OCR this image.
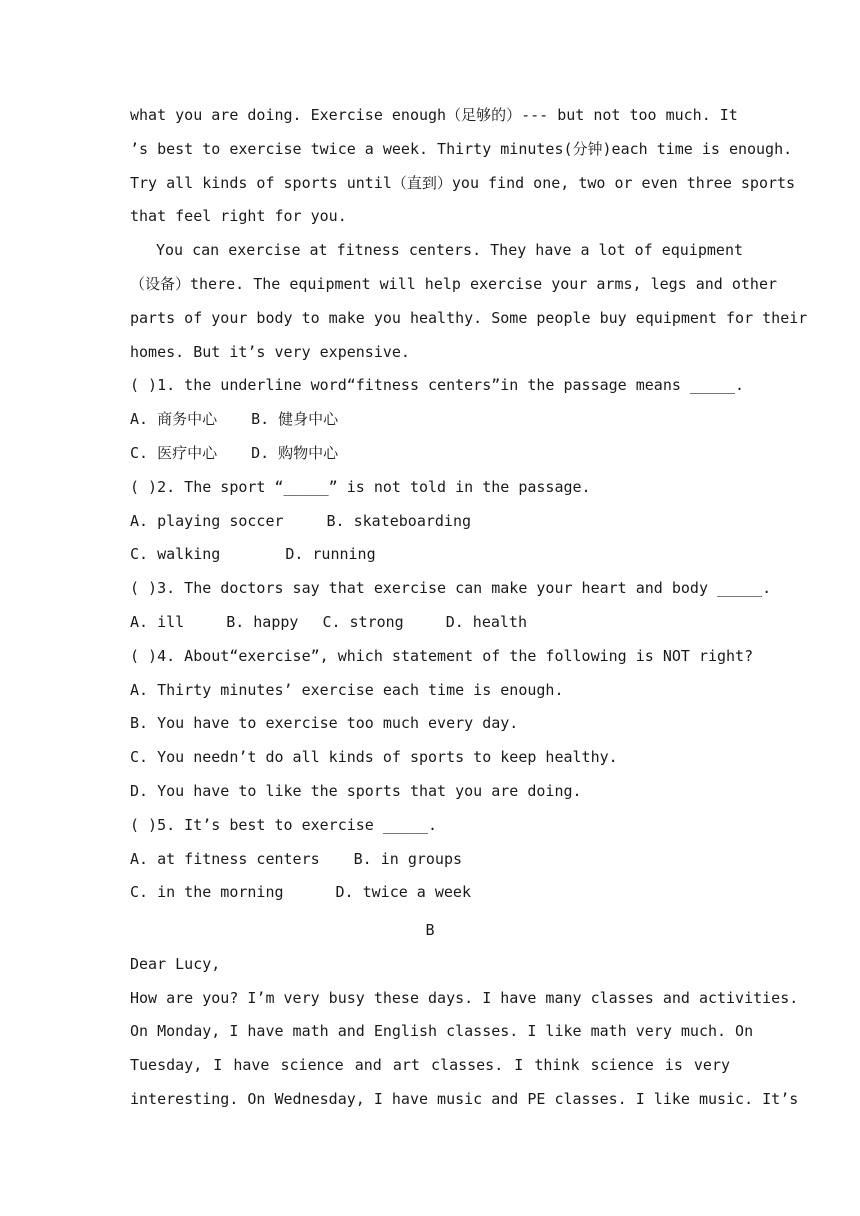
what you are doing. Exercise enough（足够的）--- but not too much. It
’s best to exercise twice a week. Thirty minutes(分钟)each time is enough.
Try all kinds of sports until（直到）you find one, two or even three sports
that feel right for you.
You can exercise at fitness centers. They have a lot of equipment
（设备）there. The equipment will help exercise your arms, legs and other
parts of your body to make you healthy. Some people buy equipment for their
homes. But it’s very expensive.
( )1. the underline word“fitness centers”in the passage means _____.
A. 商务中心 B. 健身中心
C. 医疗中心 D. 购物中心
( )2. The sport “_____” is not told in the passage.
A. playing soccer	B. skateboarding
C. walking	D. running
( )3. The doctors say that exercise can make your heart and body _____.
A. ill	B. happy C. strong	D. health
( )4. About“exercise”, which statement of the following is NOT right?
A. Thirty minutes’ exercise each time is enough.
B. You have to exercise too much every day.
C. You needn’t do all kinds of sports to keep healthy.
D. You have to like the sports that you are doing.
( )5. It’s best to exercise _____.
A. at fitness centers B. in groups
C. in the morning	D. twice a week
B
Dear Lucy,
How are you? I’m very busy these days. I have many classes and activities.
On Monday, I have math and English classes. I like math very much. On
Tuesday, I have science and art classes. I think science is very
interesting. On Wednesday, I have music and PE classes. I like music. It’s
